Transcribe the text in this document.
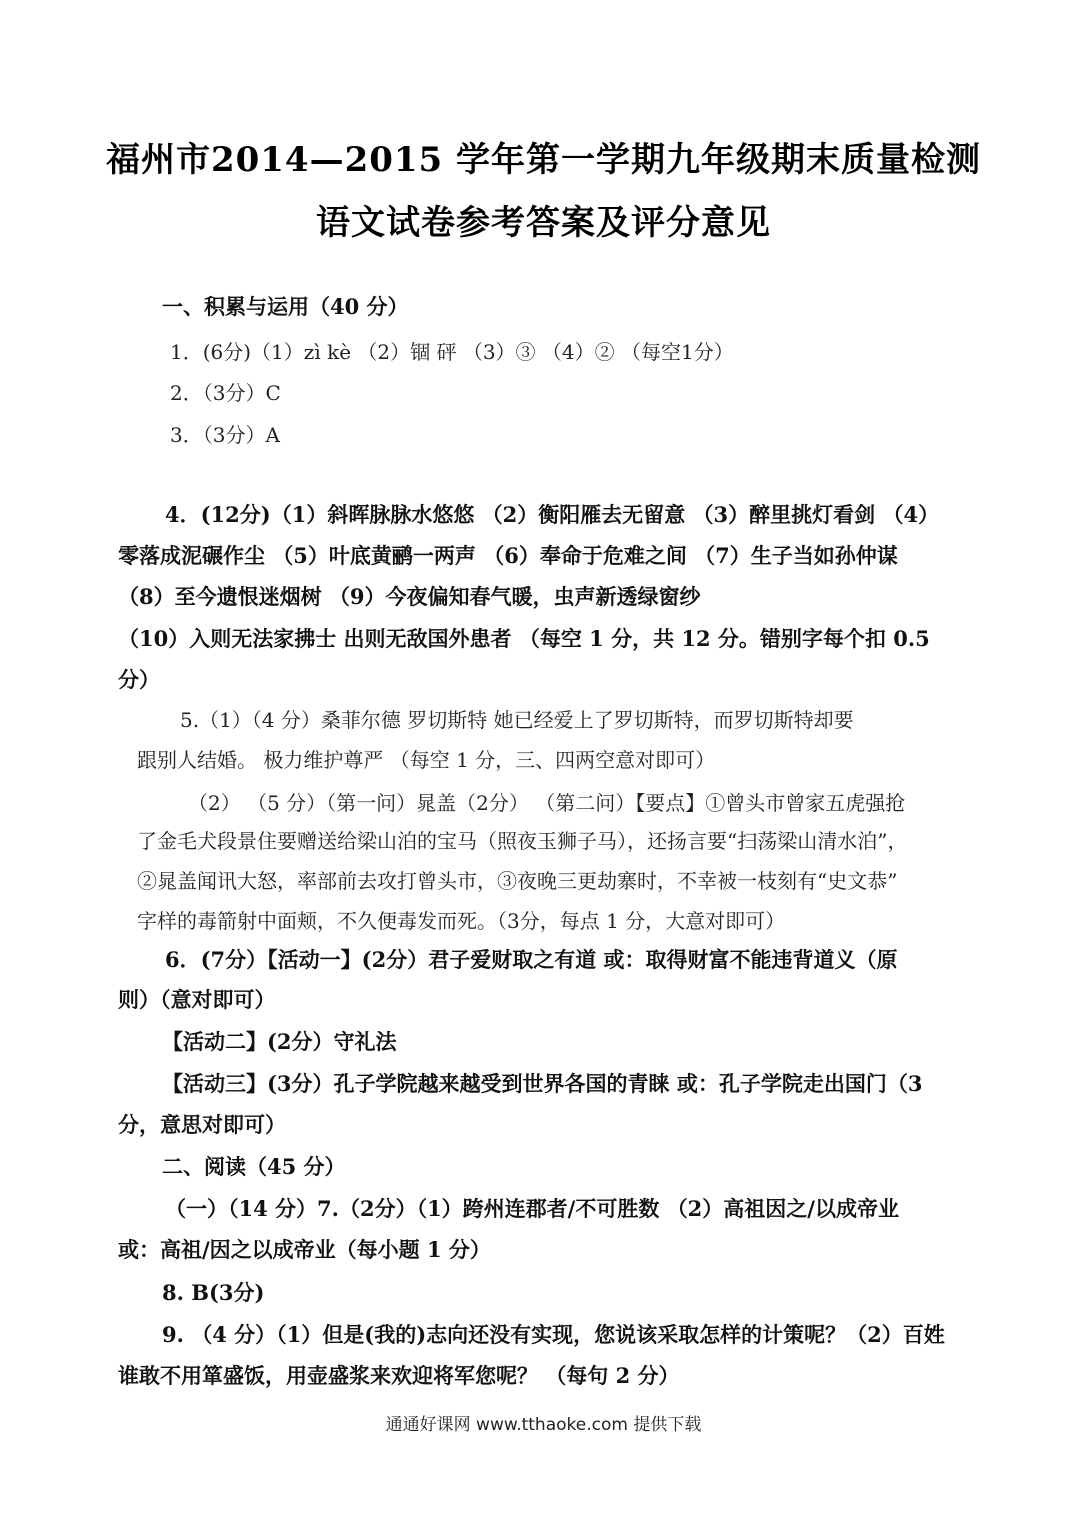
福州市2014—2015 学年第一学期九年级期末质量检测
语文试卷参考答案及评分意见
一、积累与运用（40 分）
1．(6分)（1）zì kè （2）锢 砰 （3）③ （4）② （每空1分）
2．（3分）C
3．（3分）A
4．(12分)（1）斜晖脉脉水悠悠 （2）衡阳雁去无留意 （3）醉里挑灯看剑 （4）
零落成泥碾作尘 （5）叶底黄鹂一两声 （6）奉命于危难之间 （7）生子当如孙仲谋
（8）至今遗恨迷烟树 （9）今夜偏知春气暖，虫声新透绿窗纱
（10）入则无法家拂士 出则无敌国外患者 （每空 1 分，共 12 分。错别字每个扣 0.5
分）
5.（1）（4 分）桑菲尔德 罗切斯特 她已经爱上了罗切斯特，而罗切斯特却要
跟别人结婚。 极力维护尊严 （每空 1 分，三、四两空意对即可）
（2） （5 分）（第一问）晁盖（2分） （第二问）【要点】①曾头市曾家五虎强抢
了金毛犬段景住要赠送给梁山泊的宝马（照夜玉狮子马），还扬言要“扫荡梁山清水泊”，
②晁盖闻讯大怒，率部前去攻打曾头市，③夜晚三更劫寨时，不幸被一枝刻有“史文恭”
字样的毒箭射中面颊，不久便毒发而死。（3分，每点 1 分，大意对即可）
6．(7分）【活动一】(2分）君子爱财取之有道 或：取得财富不能违背道义（原
则）（意对即可）
【活动二】(2分）守礼法
【活动三】(3分）孔子学院越来越受到世界各国的青睐 或：孔子学院走出国门（3
分，意思对即可）
二、阅读（45 分）
（一）（14 分）7.（2分）（1）跨州连郡者/不可胜数 （2）高祖因之/以成帝业
或：高祖/因之以成帝业（每小题 1 分）
8. B(3分)
9. （4 分）（1）但是(我的)志向还没有实现，您说该采取怎样的计策呢？（2）百姓
谁敢不用箪盛饭，用壶盛浆来欢迎将军您呢？ （每句 2 分）
通通好课网 www.tthaoke.com 提供下载
